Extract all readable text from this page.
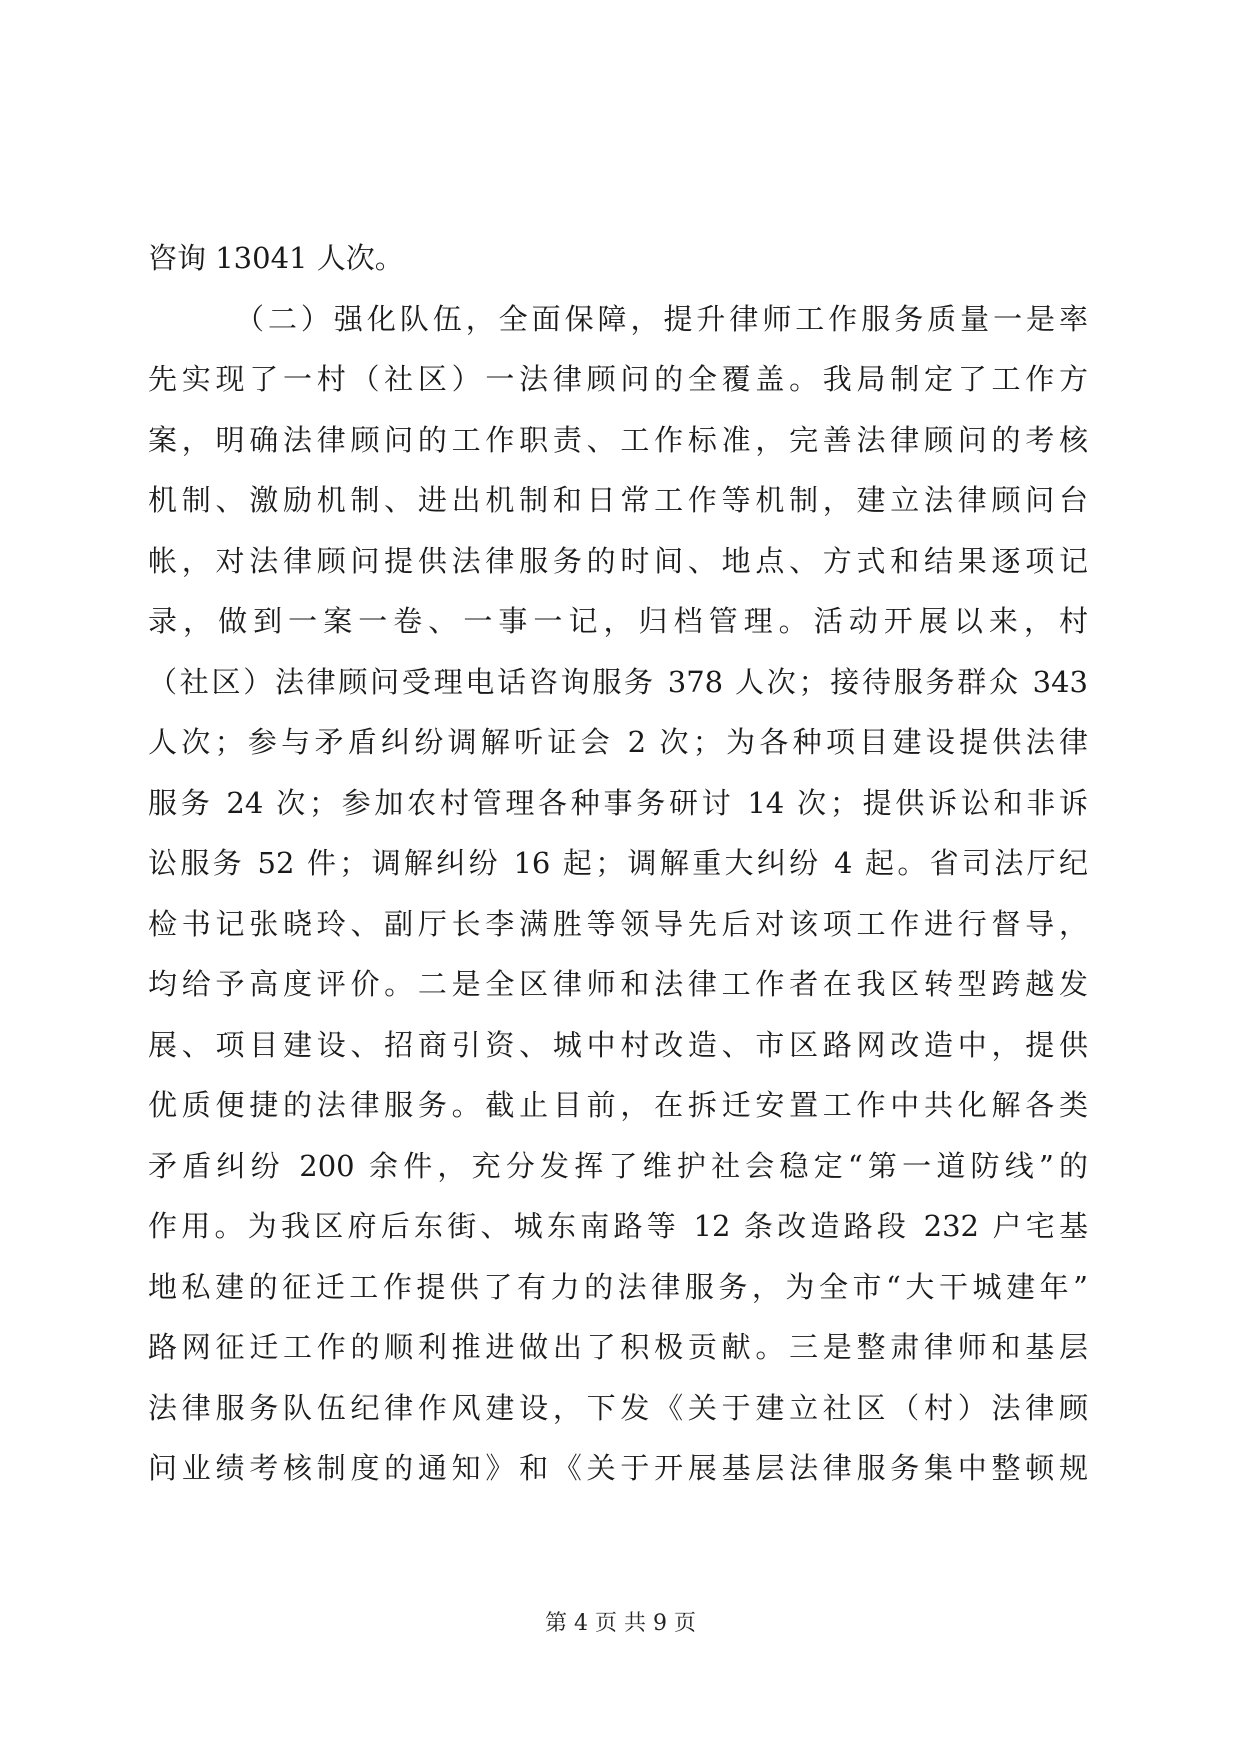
咨询 13041 人次。
（二）强化队伍，全面保障，提升律师工作服务质量一是率
先实现了一村（社区）一法律顾问的全覆盖。我局制定了工作方
案，明确法律顾问的工作职责、工作标准，完善法律顾问的考核
机制、激励机制、进出机制和日常工作等机制，建立法律顾问台
帐，对法律顾问提供法律服务的时间、地点、方式和结果逐项记
录，做到一案一卷、一事一记，归档管理。活动开展以来，村
（社区）法律顾问受理电话咨询服务 378 人次；接待服务群众 343
人次；参与矛盾纠纷调解听证会 2 次；为各种项目建设提供法律
服务 24 次；参加农村管理各种事务研讨 14 次；提供诉讼和非诉
讼服务 52 件；调解纠纷 16 起；调解重大纠纷 4 起。省司法厅纪
检书记张晓玲、副厅长李满胜等领导先后对该项工作进行督导，
均给予高度评价。二是全区律师和法律工作者在我区转型跨越发
展、项目建设、招商引资、城中村改造、市区路网改造中，提供
优质便捷的法律服务。截止目前，在拆迁安置工作中共化解各类
矛盾纠纷 200 余件，充分发挥了维护社会稳定“第一道防线”的
作用。为我区府后东街、城东南路等 12 条改造路段 232 户宅基
地私建的征迁工作提供了有力的法律服务，为全市“大干城建年”
路网征迁工作的顺利推进做出了积极贡献。三是整肃律师和基层
法律服务队伍纪律作风建设，下发《关于建立社区（村）法律顾
问业绩考核制度的通知》和《关于开展基层法律服务集中整顿规
第 4 页 共 9 页
